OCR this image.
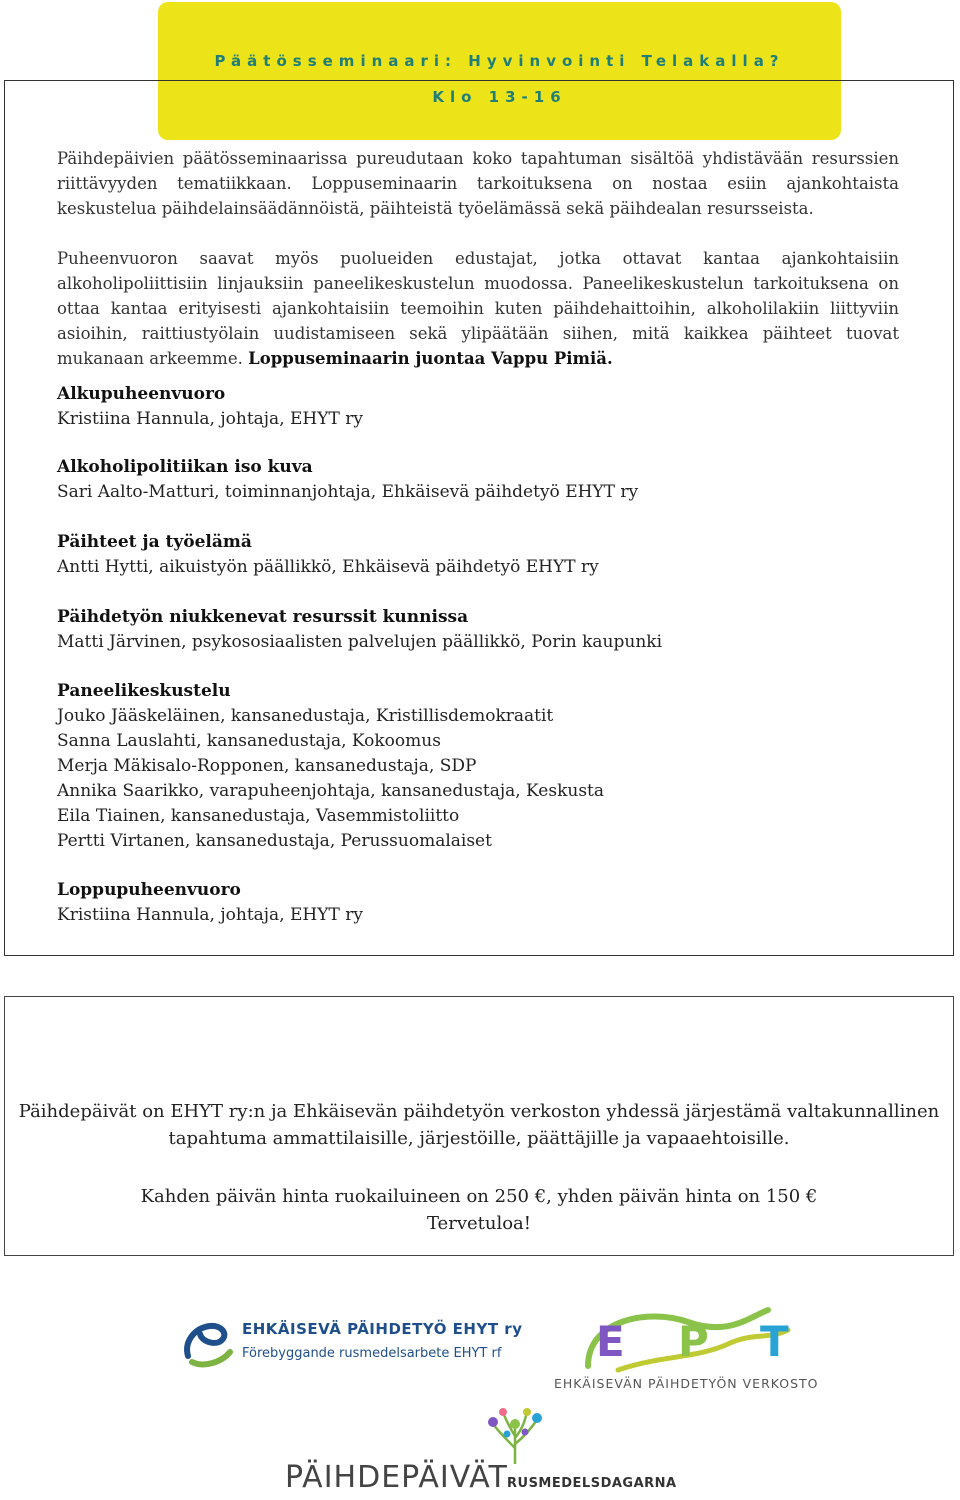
Päätösseminaari: Hyvinvointi Telakalla?
Klo 13-16

Päihdepäivien päätösseminaarissa pureudutaan koko tapahtuman sisältöä yhdistävään resurssien riittävyyden tematiikkaan. Loppuseminaarin tarkoituksena on nostaa esiin ajankohtaista keskustelua päihdelainsäädännöistä, päihteistä työelämässä sekä päihdealan resursseista.

Puheenvuoron saavat myös puolueiden edustajat, jotka ottavat kantaa ajankohtaisiin alkoholipoliittisiin linjauksiin paneelikeskustelun muodossa. Paneelikeskustelun tarkoituksena on ottaa kantaa erityisesti ajankohtaisiin teemoihin kuten päihdehaittoihin, alkoholilakiin liittyviin asioihin, raittiustyölain uudistamiseen sekä ylipäätään siihen, mitä kaikkea päihteet tuovat mukanaan arkeemme. Loppuseminaarin juontaa Vappu Pimiä.

Alkupuheenvuoro
Kristiina Hannula, johtaja, EHYT ry
Alkoholipolitiikan iso kuva
Sari Aalto-Matturi, toiminnanjohtaja, Ehkäisevä päihdetyö EHYT ry
Päihteet ja työelämä
Antti Hytti, aikuistyön päällikkö, Ehkäisevä päihdetyö EHYT ry
Päihdetyön niukkenevat resurssit kunnissa
Matti Järvinen, psykososiaalisten palvelujen päällikkö, Porin kaupunki
Paneelikeskustelu
Jouko Jääskeläinen, kansanedustaja, Kristillisdemokraatit
Sanna Lauslahti, kansanedustaja, Kokoomus
Merja Mäkisalo-Ropponen, kansanedustaja, SDP
Annika Saarikko, varapuheenjohtaja, kansanedustaja, Keskusta
Eila Tiainen, kansanedustaja, Vasemmistoliitto
Pertti Virtanen, kansanedustaja, Perussuomalaiset
Loppupuheenvuoro
Kristiina Hannula, johtaja, EHYT ry
Päihdepäivät on EHYT ry:n ja Ehkäisevän päihdetyön verkoston yhdessä järjestämä valtakunnallinen
tapahtuma ammattilaisille, järjestöille, päättäjille ja vapaaehtoisille.
Kahden päivän hinta ruokailuineen on 250 €, yhden päivän hinta on 150 €
Tervetuloa!
EHKÄISEVÄ PÄIHDETYÖ EHYT ry
Förebyggande rusmedelsarbete EHYT rf E P T
EHKÄISEVÄN PÄIHDETYÖN VERKOSTO
PÄIHDEPÄIVÄT RUSMEDELSDAGARNA
